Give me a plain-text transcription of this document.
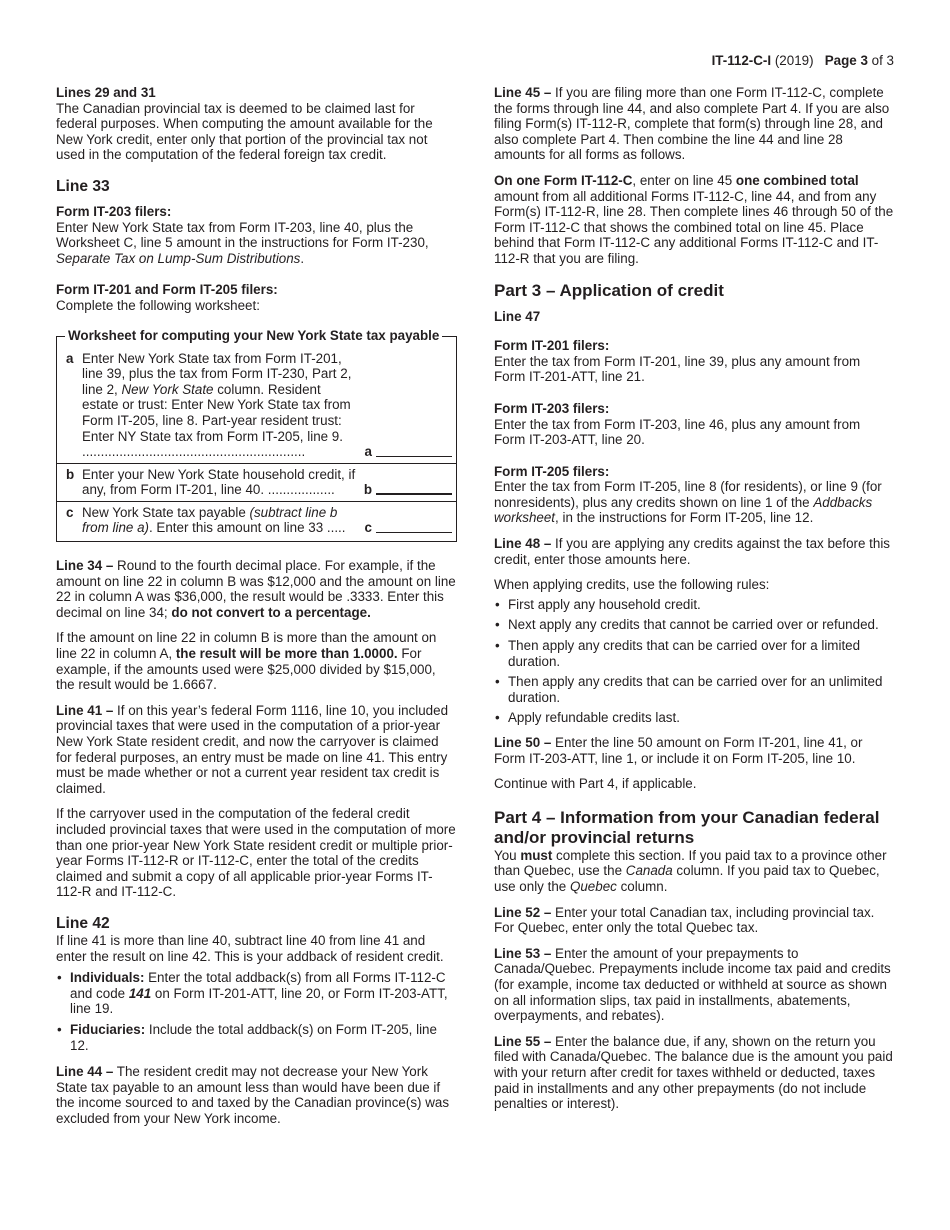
IT-112-C-I (2019) Page 3 of 3

Lines 29 and 31

The Canadian provincial tax is deemed to be claimed last for federal purposes. When computing the amount available for the New York credit, enter only that portion of the provincial tax not used in the computation of the federal foreign tax credit.

Line 33

Form IT-203 filers:

Enter New York State tax from Form IT-203, line 40, plus the Worksheet C, line 5 amount in the instructions for Form IT-230, Separate Tax on Lump-Sum Distributions.

Form IT-201 and Form IT-205 filers:

Complete the following worksheet:

Worksheet for computing your New York State tax payable
a Enter New York State tax from Form IT-201, line 39, plus the tax from Form IT-230, Part 2, line 2, New York State column. Resident estate or trust: Enter New York State tax from Form IT-205, line 8. Part-year resident trust: Enter NY State tax from Form IT-205, line 9. ............................................................	a
b Enter your New York State household credit, if any, from Form IT-201, line 40. ..................	b
c New York State tax payable (subtract line b from line a). Enter this amount on line 33 .....	c

Line 34 – Round to the fourth decimal place. For example, if the amount on line 22 in column B was $12,000 and the amount on line 22 in column A was $36,000, the result would be .3333. Enter this decimal on line 34; do not convert to a percentage.

If the amount on line 22 in column B is more than the amount on line 22 in column A, the result will be more than 1.0000. For example, if the amounts used were $25,000 divided by $15,000, the result would be 1.6667.

Line 41 – If on this year’s federal Form 1116, line 10, you included provincial taxes that were used in the computation of a prior-year New York State resident credit, and now the carryover is claimed for federal purposes, an entry must be made on line 41. This entry must be made whether or not a current year resident tax credit is claimed.

If the carryover used in the computation of the federal credit included provincial taxes that were used in the computation of more than one prior-year New York State resident credit or multiple prior-year Forms IT-112-R or IT-112-C, enter the total of the credits claimed and submit a copy of all applicable prior-year Forms IT-112-R and IT-112-C.

Line 42

If line 41 is more than line 40, subtract line 40 from line 41 and enter the result on line 42. This is your addback of resident credit.

• Individuals: Enter the total addback(s) from all Forms IT-112-C and code 141 on Form IT-201-ATT, line 20, or Form IT-203-ATT, line 19.
• Fiduciaries: Include the total addback(s) on Form IT-205, line 12.

Line 44 – The resident credit may not decrease your New York State tax payable to an amount less than would have been due if the income sourced to and taxed by the Canadian province(s) was excluded from your New York income.

Line 45 – If you are filing more than one Form IT-112-C, complete the forms through line 44, and also complete Part 4. If you are also filing Form(s) IT-112-R, complete that form(s) through line 28, and also complete Part 4. Then combine the line 44 and line 28 amounts for all forms as follows.

On one Form IT-112-C, enter on line 45 one combined total amount from all additional Forms IT-112-C, line 44, and from any Form(s) IT-112-R, line 28. Then complete lines 46 through 50 of the Form IT-112-C that shows the combined total on line 45. Place behind that Form IT-112-C any additional Forms IT-112-C and IT-112-R that you are filing.

Part 3 – Application of credit

Line 47

Form IT-201 filers:

Enter the tax from Form IT-201, line 39, plus any amount from Form IT-201-ATT, line 21.

Form IT-203 filers:

Enter the tax from Form IT-203, line 46, plus any amount from Form IT-203-ATT, line 20.

Form IT-205 filers:

Enter the tax from Form IT-205, line 8 (for residents), or line 9 (for nonresidents), plus any credits shown on line 1 of the Addbacks worksheet, in the instructions for Form IT-205, line 12.

Line 48 – If you are applying any credits against the tax before this credit, enter those amounts here.

When applying credits, use the following rules:

• First apply any household credit.
• Next apply any credits that cannot be carried over or refunded.
• Then apply any credits that can be carried over for a limited duration.
• Then apply any credits that can be carried over for an unlimited duration.
• Apply refundable credits last.

Line 50 – Enter the line 50 amount on Form IT-201, line 41, or Form IT-203-ATT, line 1, or include it on Form IT-205, line 10.

Continue with Part 4, if applicable.

Part 4 – Information from your Canadian federal and/or provincial returns

You must complete this section. If you paid tax to a province other than Quebec, use the Canada column. If you paid tax to Quebec, use only the Quebec column.

Line 52 – Enter your total Canadian tax, including provincial tax. For Quebec, enter only the total Quebec tax.

Line 53 – Enter the amount of your prepayments to Canada/Quebec. Prepayments include income tax paid and credits (for example, income tax deducted or withheld at source as shown on all information slips, tax paid in installments, abatements, overpayments, and rebates).

Line 55 – Enter the balance due, if any, shown on the return you filed with Canada/Quebec. The balance due is the amount you paid with your return after credit for taxes withheld or deducted, taxes paid in installments and any other prepayments (do not include penalties or interest).
